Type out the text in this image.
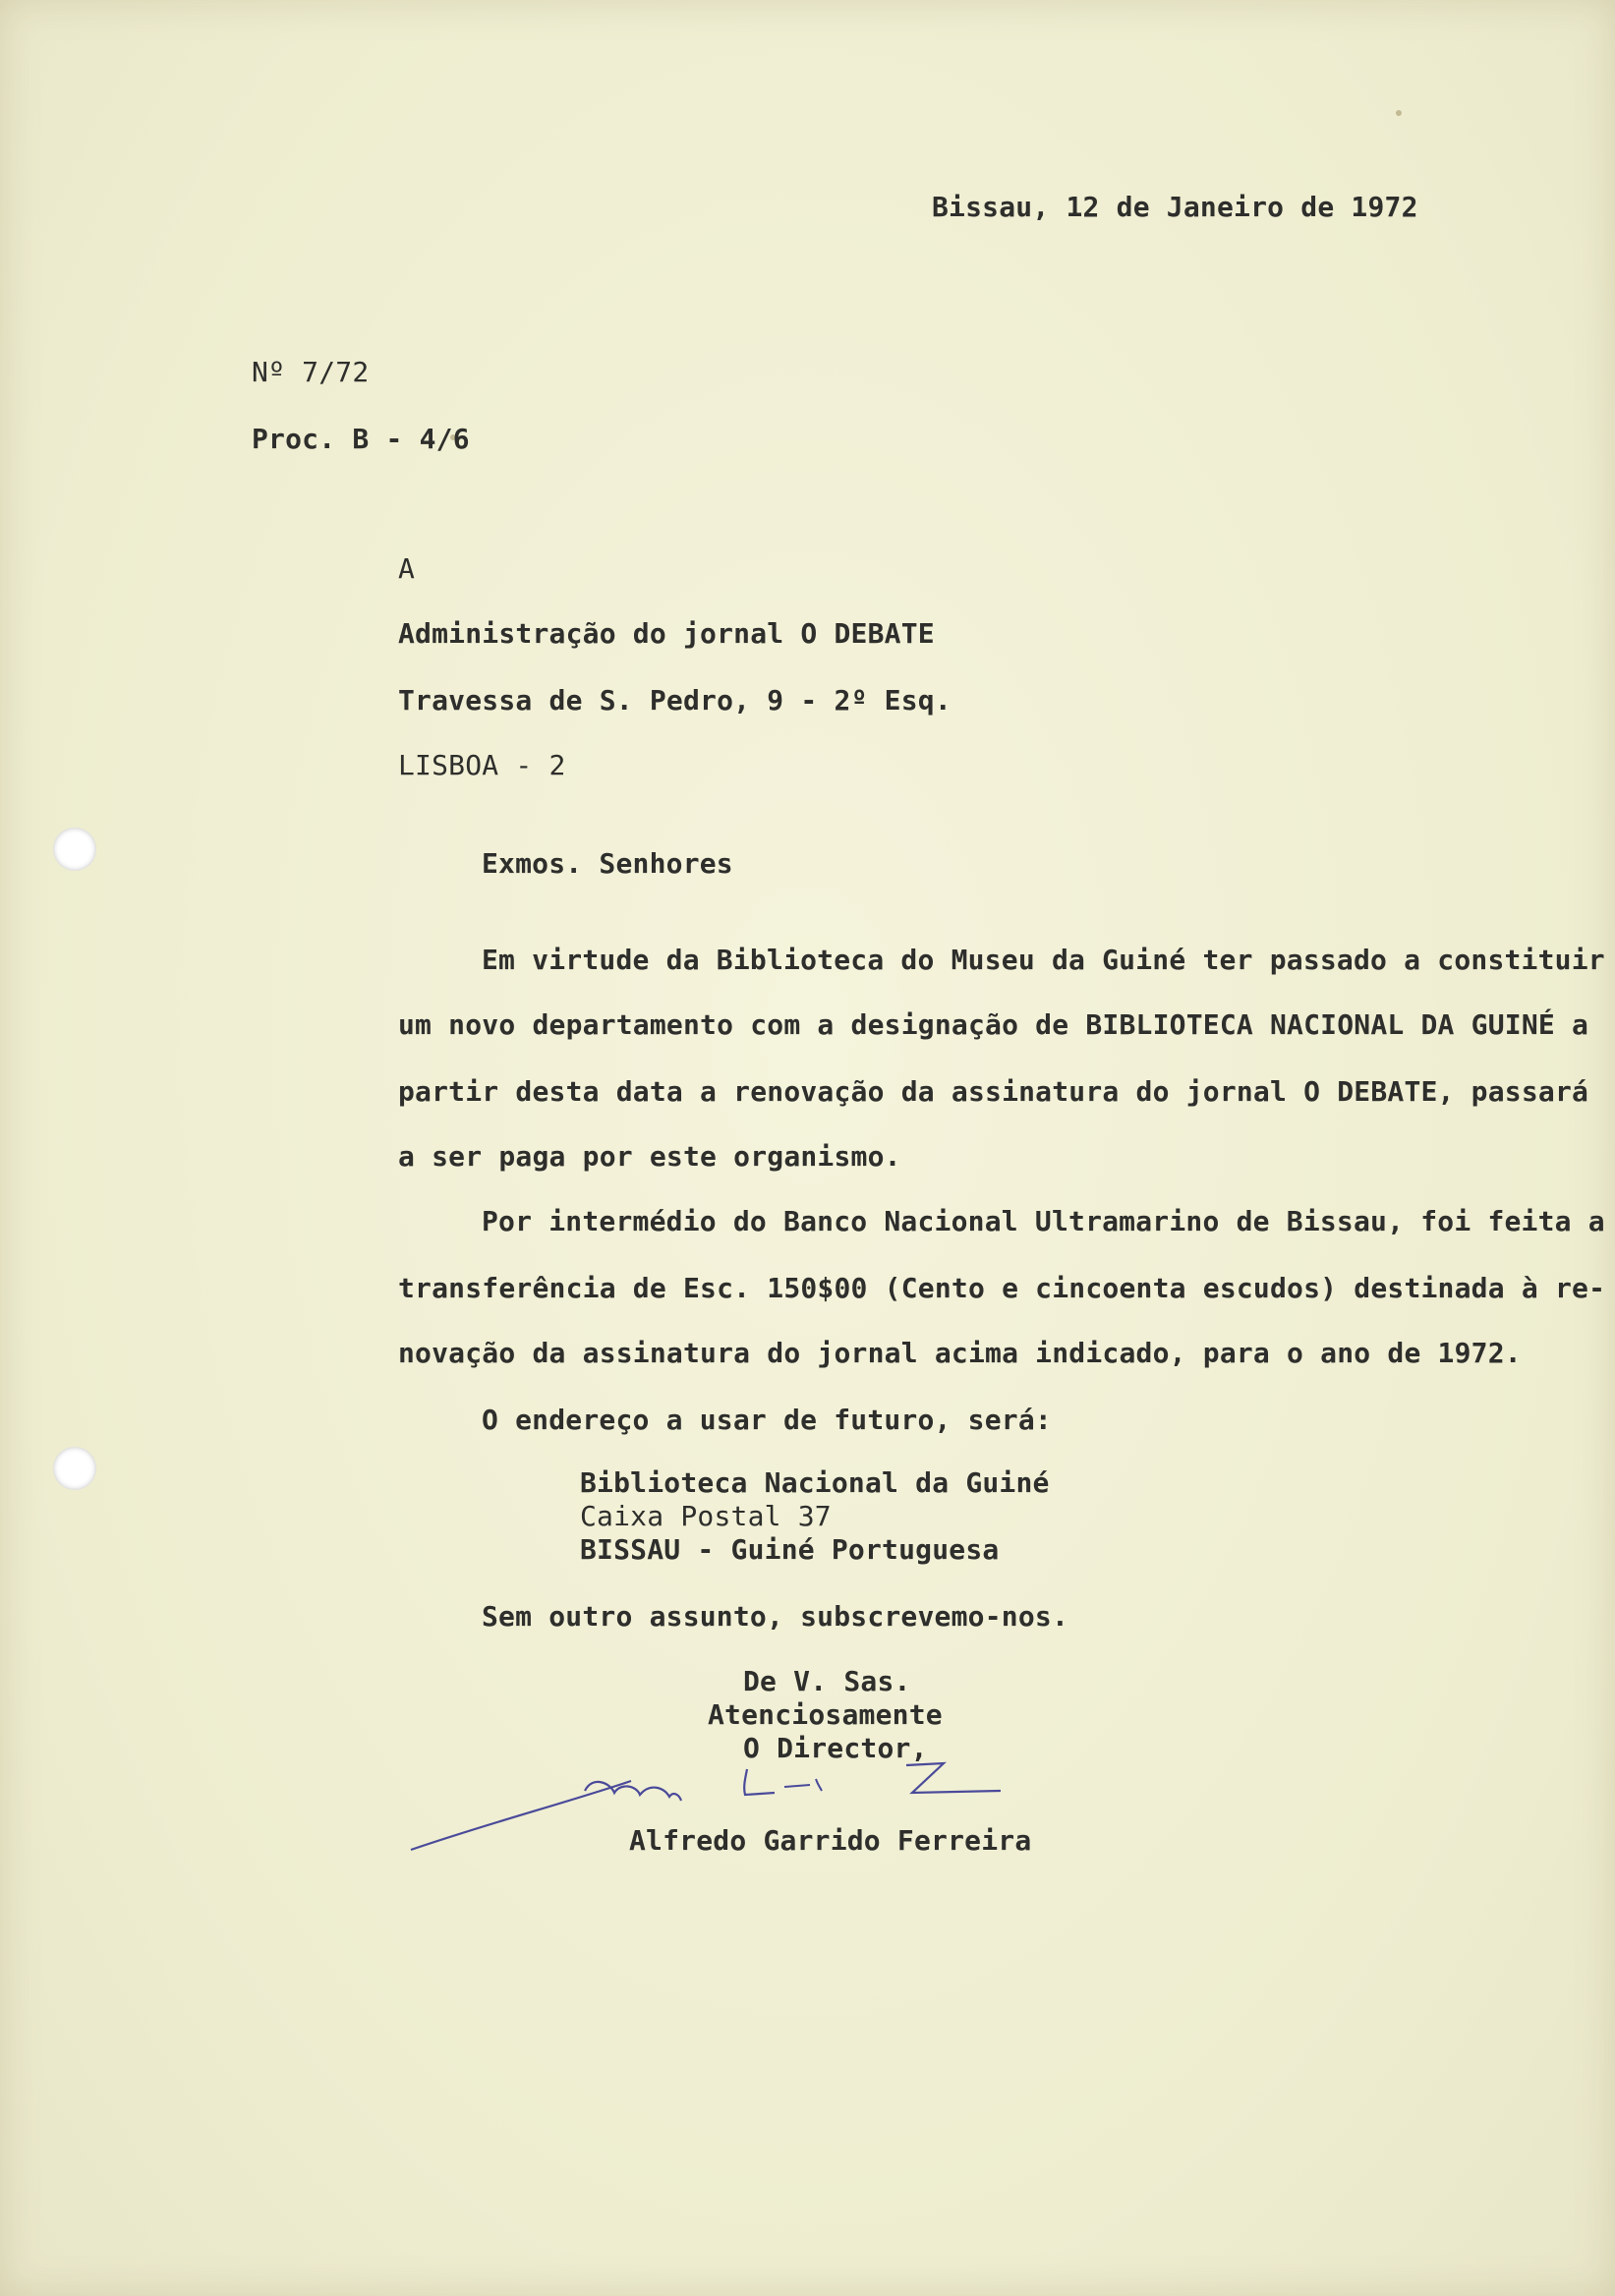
Bissau, 12 de Janeiro de 1972
Nº 7/72
Proc. B - 4/6
A
Administração do jornal O DEBATE
Travessa de S. Pedro, 9 - 2º Esq.
LISBOA - 2
Exmos. Senhores
Em virtude da Biblioteca do Museu da Guiné ter passado a constituir
um novo departamento com a designação de BIBLIOTECA NACIONAL DA GUINÉ a
partir desta data a renovação da assinatura do jornal O DEBATE, passará
a ser paga por este organismo.
Por intermédio do Banco Nacional Ultramarino de Bissau, foi feita a
transferência de Esc. 150$00 (Cento e cincoenta escudos) destinada à re-
novação da assinatura do jornal acima indicado, para o ano de 1972.
O endereço a usar de futuro, será:
Biblioteca Nacional da Guiné
Caixa Postal 37
BISSAU - Guiné Portuguesa
Sem outro assunto, subscrevemo-nos.
De V. Sas.
Atenciosamente
O Director,
Alfredo Garrido Ferreira
